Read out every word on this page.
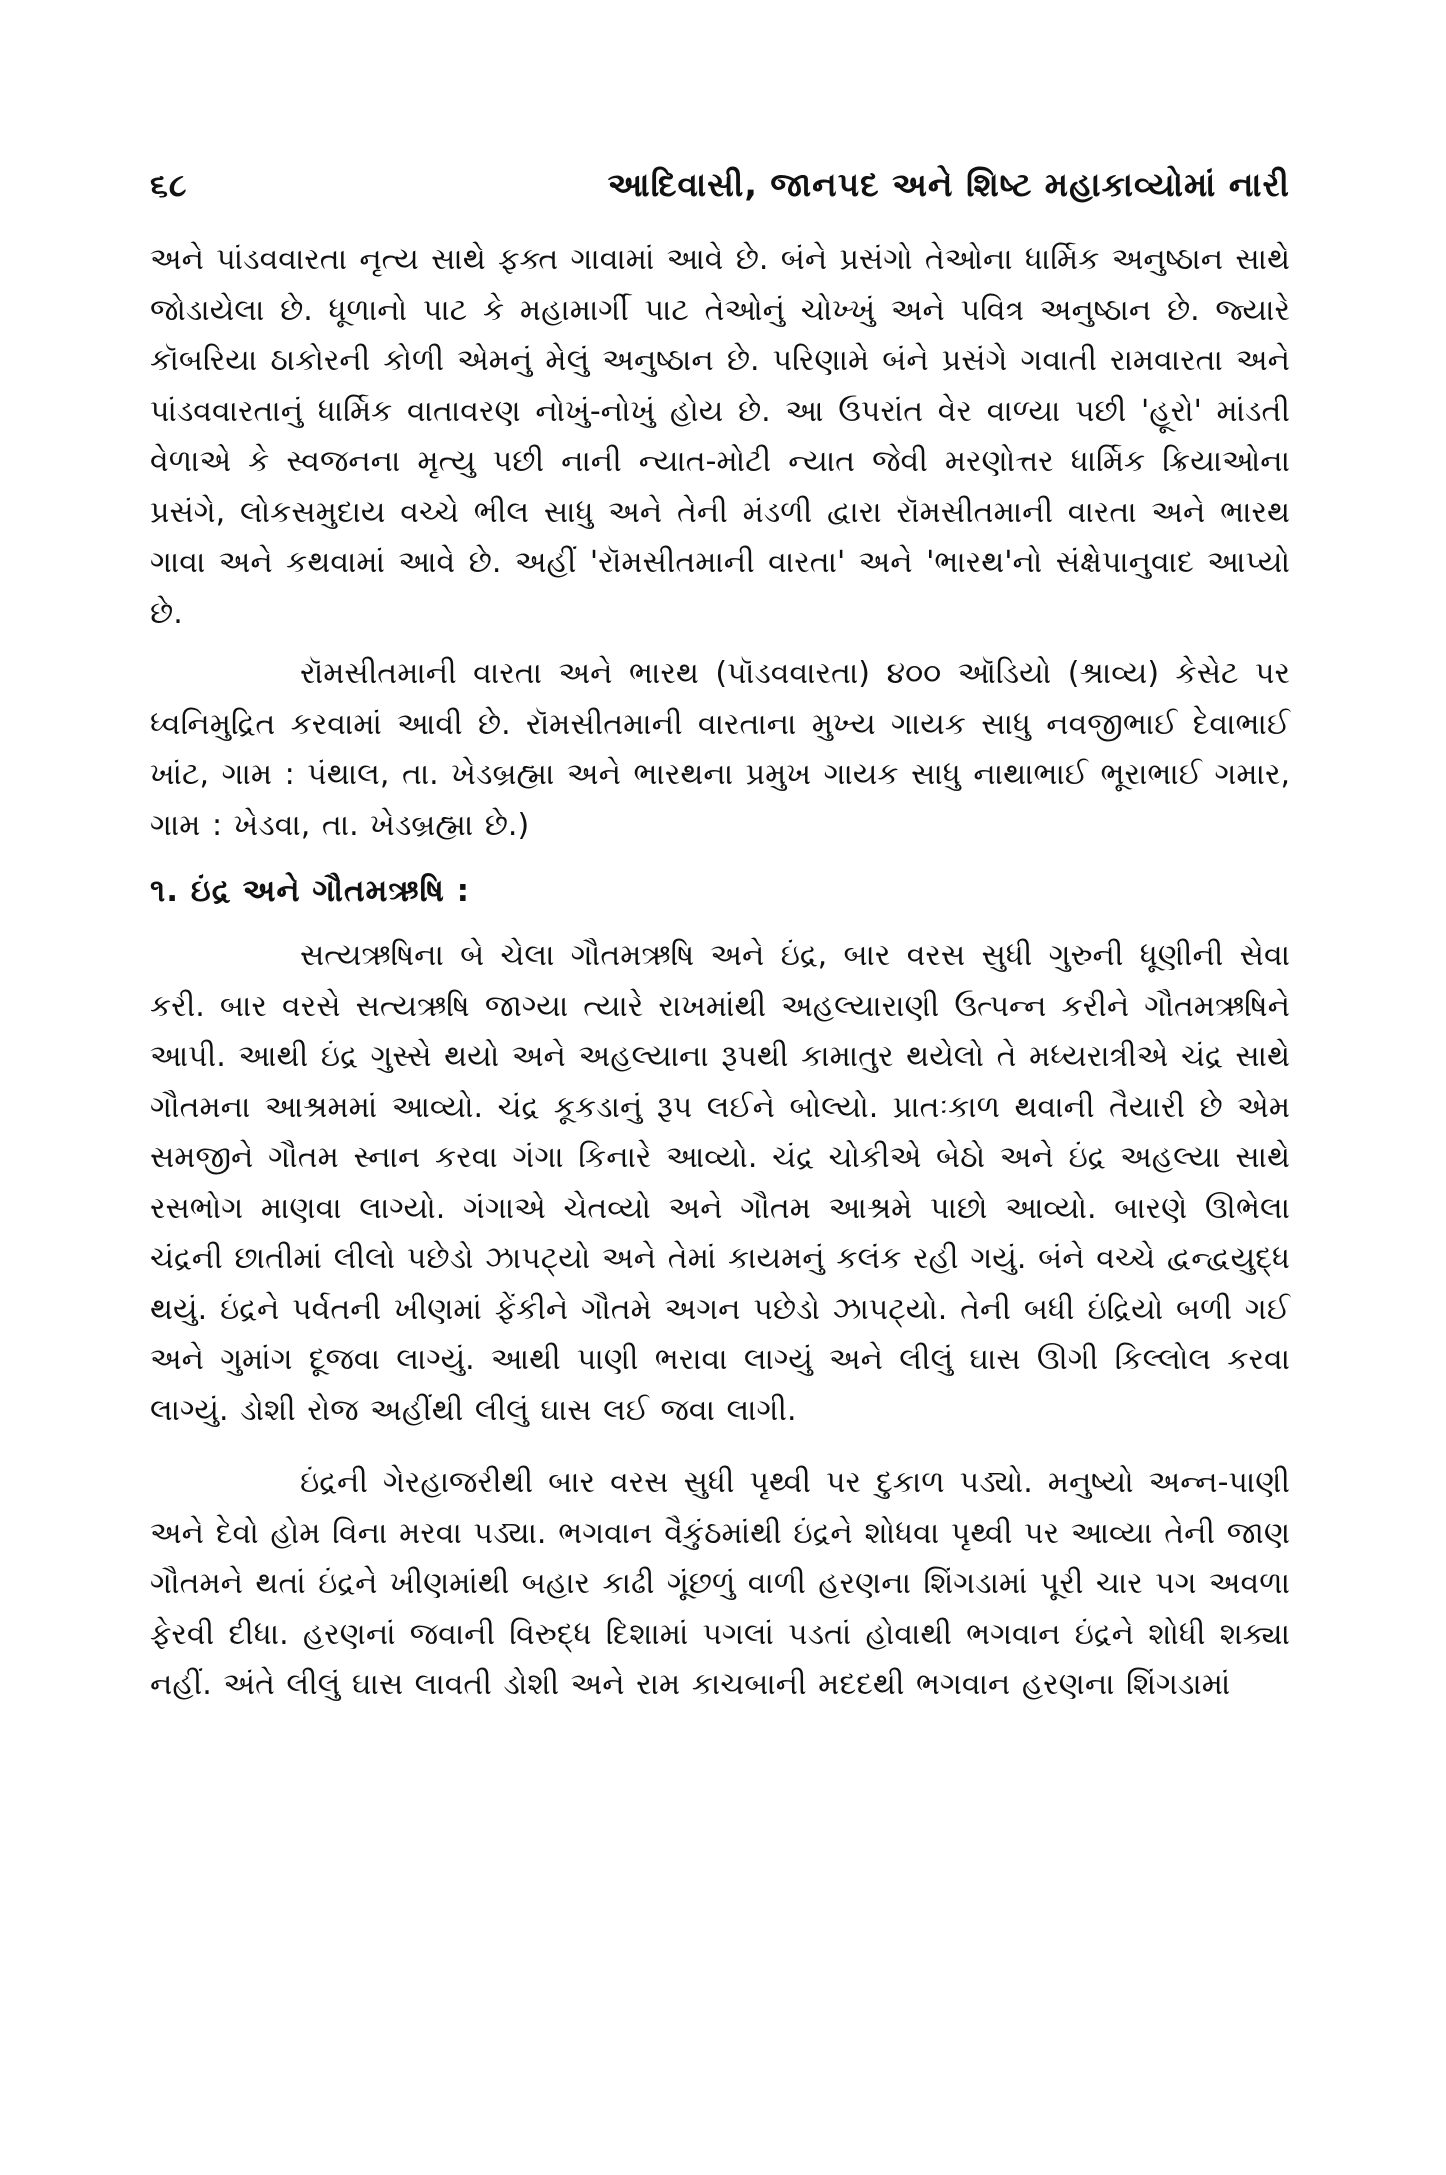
૬૮	આદિવાસી, જાનપદ અને શિષ્ટ મહાકાવ્યોમાં નારી

અને પાંડવવારતા નૃત્ય સાથે ફક્ત ગાવામાં આવે છે. બંને પ્રસંગો તેઓના ધાર્મિક અનુષ્ઠાન સાથે જોડાયેલા છે. ધૂળાનો પાટ કે મહામાર્ગી પાટ તેઓનું ચોખ્ખું અને પવિત્ર અનુષ્ઠાન છે. જ્યારે કૉબરિયા ઠાકોરની કોળી એમનું મેલું અનુષ્ઠાન છે. પરિણામે બંને પ્રસંગે ગવાતી રામવારતા અને પાંડવવારતાનું ધાર્મિક વાતાવરણ નોખું-નોખું હોય છે. આ ઉપરાંત વેર વાળ્યા પછી 'હૂરો' માંડતી વેળાએ કે સ્વજનના મૃત્યુ પછી નાની ન્યાત-મોટી ન્યાત જેવી મરણોત્તર ધાર્મિક ક્રિયાઓના પ્રસંગે, લોકસમુદાય વચ્ચે ભીલ સાધુ અને તેની મંડળી દ્વારા રૉમસીતમાની વારતા અને ભારથ ગાવા અને કથવામાં આવે છે. અહીં 'રૉમસીતમાની વારતા' અને 'ભારથ'નો સંક્ષેપાનુવાદ આપ્યો છે.

રૉમસીતમાની વારતા અને ભારથ (પૉડવવારતા) ૪૦૦ ઑડિયો (શ્રાવ્ય) કેસેટ પર ધ્વનિમુદ્રિત કરવામાં આવી છે. રૉમસીતમાની વારતાના મુખ્ય ગાયક સાધુ નવજીભાઈ દેવાભાઈ ખાંટ, ગામ : પંથાલ, તા. ખેડબ્રહ્મા અને ભારથના પ્રમુખ ગાયક સાધુ નાથાભાઈ ભૂરાભાઈ ગમાર, ગામ : ખેડવા, તા. ખેડબ્રહ્મા છે.)

૧. ઇંદ્ર અને ગૌતમઋષિ :

સત્યઋષિના બે ચેલા ગૌતમઋષિ અને ઇંદ્ર, બાર વરસ સુધી ગુરુની ધૂણીની સેવા કરી. બાર વરસે સત્યઋષિ જાગ્યા ત્યારે રાખમાંથી અહલ્યારાણી ઉત્પન્ન કરીને ગૌતમઋષિને આપી. આથી ઇંદ્ર ગુસ્સે થયો અને અહલ્યાના રૂપથી કામાતુર થયેલો તે મધ્યરાત્રીએ ચંદ્ર સાથે ગૌતમના આશ્રમમાં આવ્યો. ચંદ્ર કૂકડાનું રૂપ લઈને બોલ્યો. પ્રાતઃકાળ થવાની તૈયારી છે એમ સમજીને ગૌતમ સ્નાન કરવા ગંગા કિનારે આવ્યો. ચંદ્ર ચોકીએ બેઠો અને ઇંદ્ર અહલ્યા સાથે રસભોગ માણવા લાગ્યો. ગંગાએ ચેતવ્યો અને ગૌતમ આશ્રમે પાછો આવ્યો. બારણે ઊભેલા ચંદ્રની છાતીમાં લીલો પછેડો ઝાપટ્યો અને તેમાં કાયમનું કલંક રહી ગયું. બંને વચ્ચે દ્વન્દ્વયુદ્ધ થયું. ઇંદ્રને પર્વતની ખીણમાં ફેંકીને ગૌતમે અગન પછેડો ઝાપટ્યો. તેની બધી ઇંદ્રિયો બળી ગઈ અને ગુમાંગ દૂજવા લાગ્યું. આથી પાણી ભરાવા લાગ્યું અને લીલું ઘાસ ઊગી કિલ્લોલ કરવા લાગ્યું. ડોશી રોજ અહીંથી લીલું ઘાસ લઈ જવા લાગી.

ઇંદ્રની ગેરહાજરીથી બાર વરસ સુધી પૃથ્વી પર દુકાળ પડ્યો. મનુષ્યો અન્ન-પાણી અને દેવો હોમ વિના મરવા પડ્યા. ભગવાન વૈકુંઠમાંથી ઇંદ્રને શોધવા પૃથ્વી પર આવ્યા તેની જાણ ગૌતમને થતાં ઇંદ્રને ખીણમાંથી બહાર કાઢી ગૂંછળું વાળી હરણના શિંગડામાં પૂરી ચાર પગ અવળા ફેરવી દીધા. હરણનાં જવાની વિરુદ્ધ દિશામાં પગલાં પડતાં હોવાથી ભગવાન ઇંદ્રને શોધી શક્યા નહીં. અંતે લીલું ઘાસ લાવતી ડોશી અને રામ કાચબાની મદદથી ભગવાન હરણના શિંગડામાં
